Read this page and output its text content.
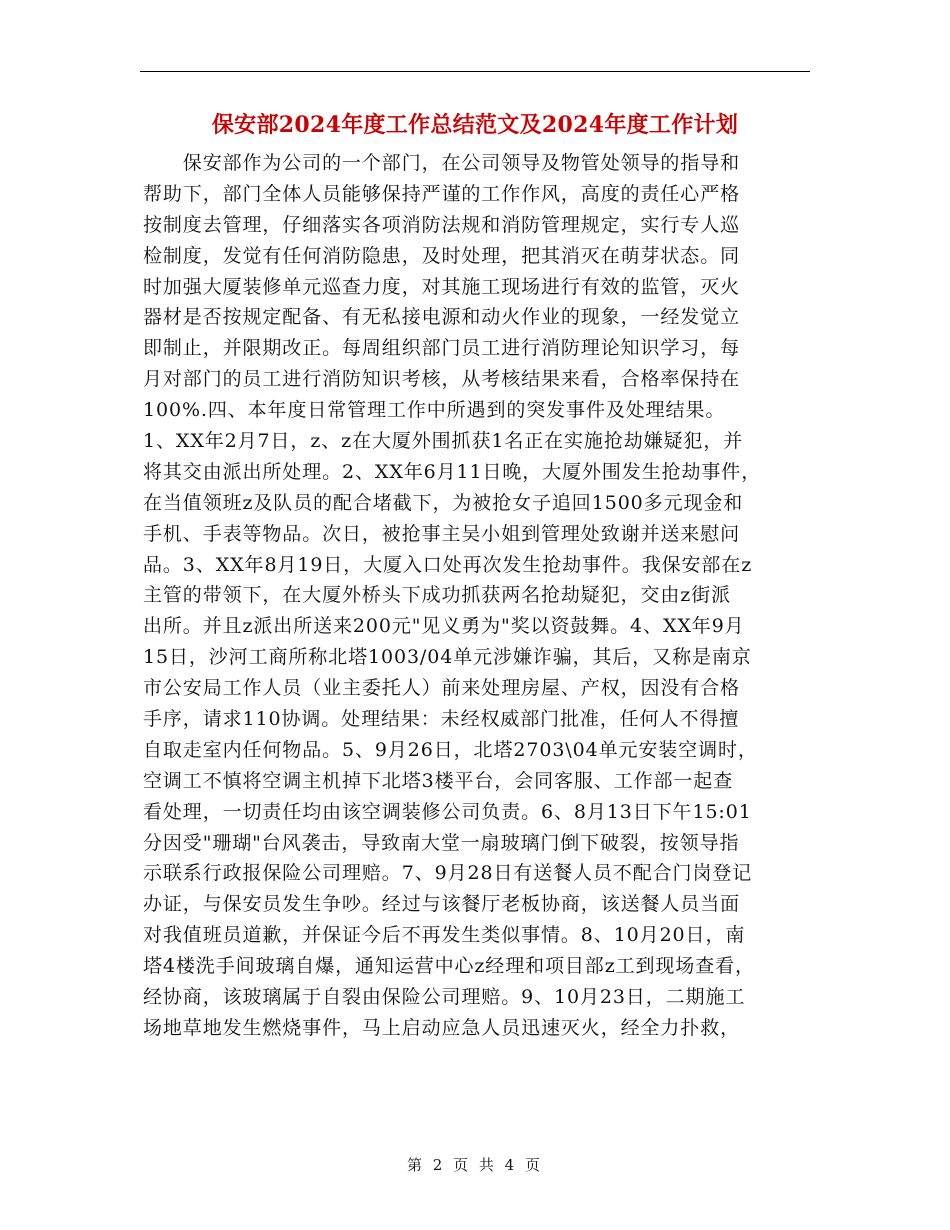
保安部2024年度工作总结范文及2024年度工作计划
　　保安部作为公司的一个部门，在公司领导及物管处领导的指导和
帮助下，部门全体人员能够保持严谨的工作作风，高度的责任心严格
按制度去管理，仔细落实各项消防法规和消防管理规定，实行专人巡
检制度，发觉有任何消防隐患，及时处理，把其消灭在萌芽状态。同
时加强大厦装修单元巡查力度，对其施工现场进行有效的监管，灭火
器材是否按规定配备、有无私接电源和动火作业的现象，一经发觉立
即制止，并限期改正。每周组织部门员工进行消防理论知识学习，每
月对部门的员工进行消防知识考核，从考核结果来看，合格率保持在
100%.四、本年度日常管理工作中所遇到的突发事件及处理结果。
1、XX年2月7日，z、z在大厦外围抓获1名正在实施抢劫嫌疑犯，并
将其交由派出所处理。2、XX年6月11日晚，大厦外围发生抢劫事件，
在当值领班z及队员的配合堵截下，为被抢女子追回1500多元现金和
手机、手表等物品。次日，被抢事主吴小姐到管理处致谢并送来慰问
品。3、XX年8月19日，大厦入口处再次发生抢劫事件。我保安部在z
主管的带领下，在大厦外桥头下成功抓获两名抢劫疑犯，交由z街派
出所。并且z派出所送来200元"见义勇为"奖以资鼓舞。4、XX年9月
15日，沙河工商所称北塔1003/04单元涉嫌诈骗，其后，又称是南京
市公安局工作人员（业主委托人）前来处理房屋、产权，因没有合格
手序，请求110协调。处理结果：未经权威部门批准，任何人不得擅
自取走室内任何物品。5、9月26日，北塔2703\04单元安装空调时，
空调工不慎将空调主机掉下北塔3楼平台，会同客服、工作部一起查
看处理，一切责任均由该空调装修公司负责。6、8月13日下午15:01
分因受"珊瑚"台风袭击，导致南大堂一扇玻璃门倒下破裂，按领导指
示联系行政报保险公司理赔。7、9月28日有送餐人员不配合门岗登记
办证，与保安员发生争吵。经过与该餐厅老板协商，该送餐人员当面
对我值班员道歉，并保证今后不再发生类似事情。8、10月20日，南
塔4楼洗手间玻璃自爆，通知运营中心z经理和项目部z工到现场查看，
经协商，该玻璃属于自裂由保险公司理赔。9、10月23日，二期施工
场地草地发生燃烧事件，马上启动应急人员迅速灭火，经全力扑救，
第 2 页 共 4 页
